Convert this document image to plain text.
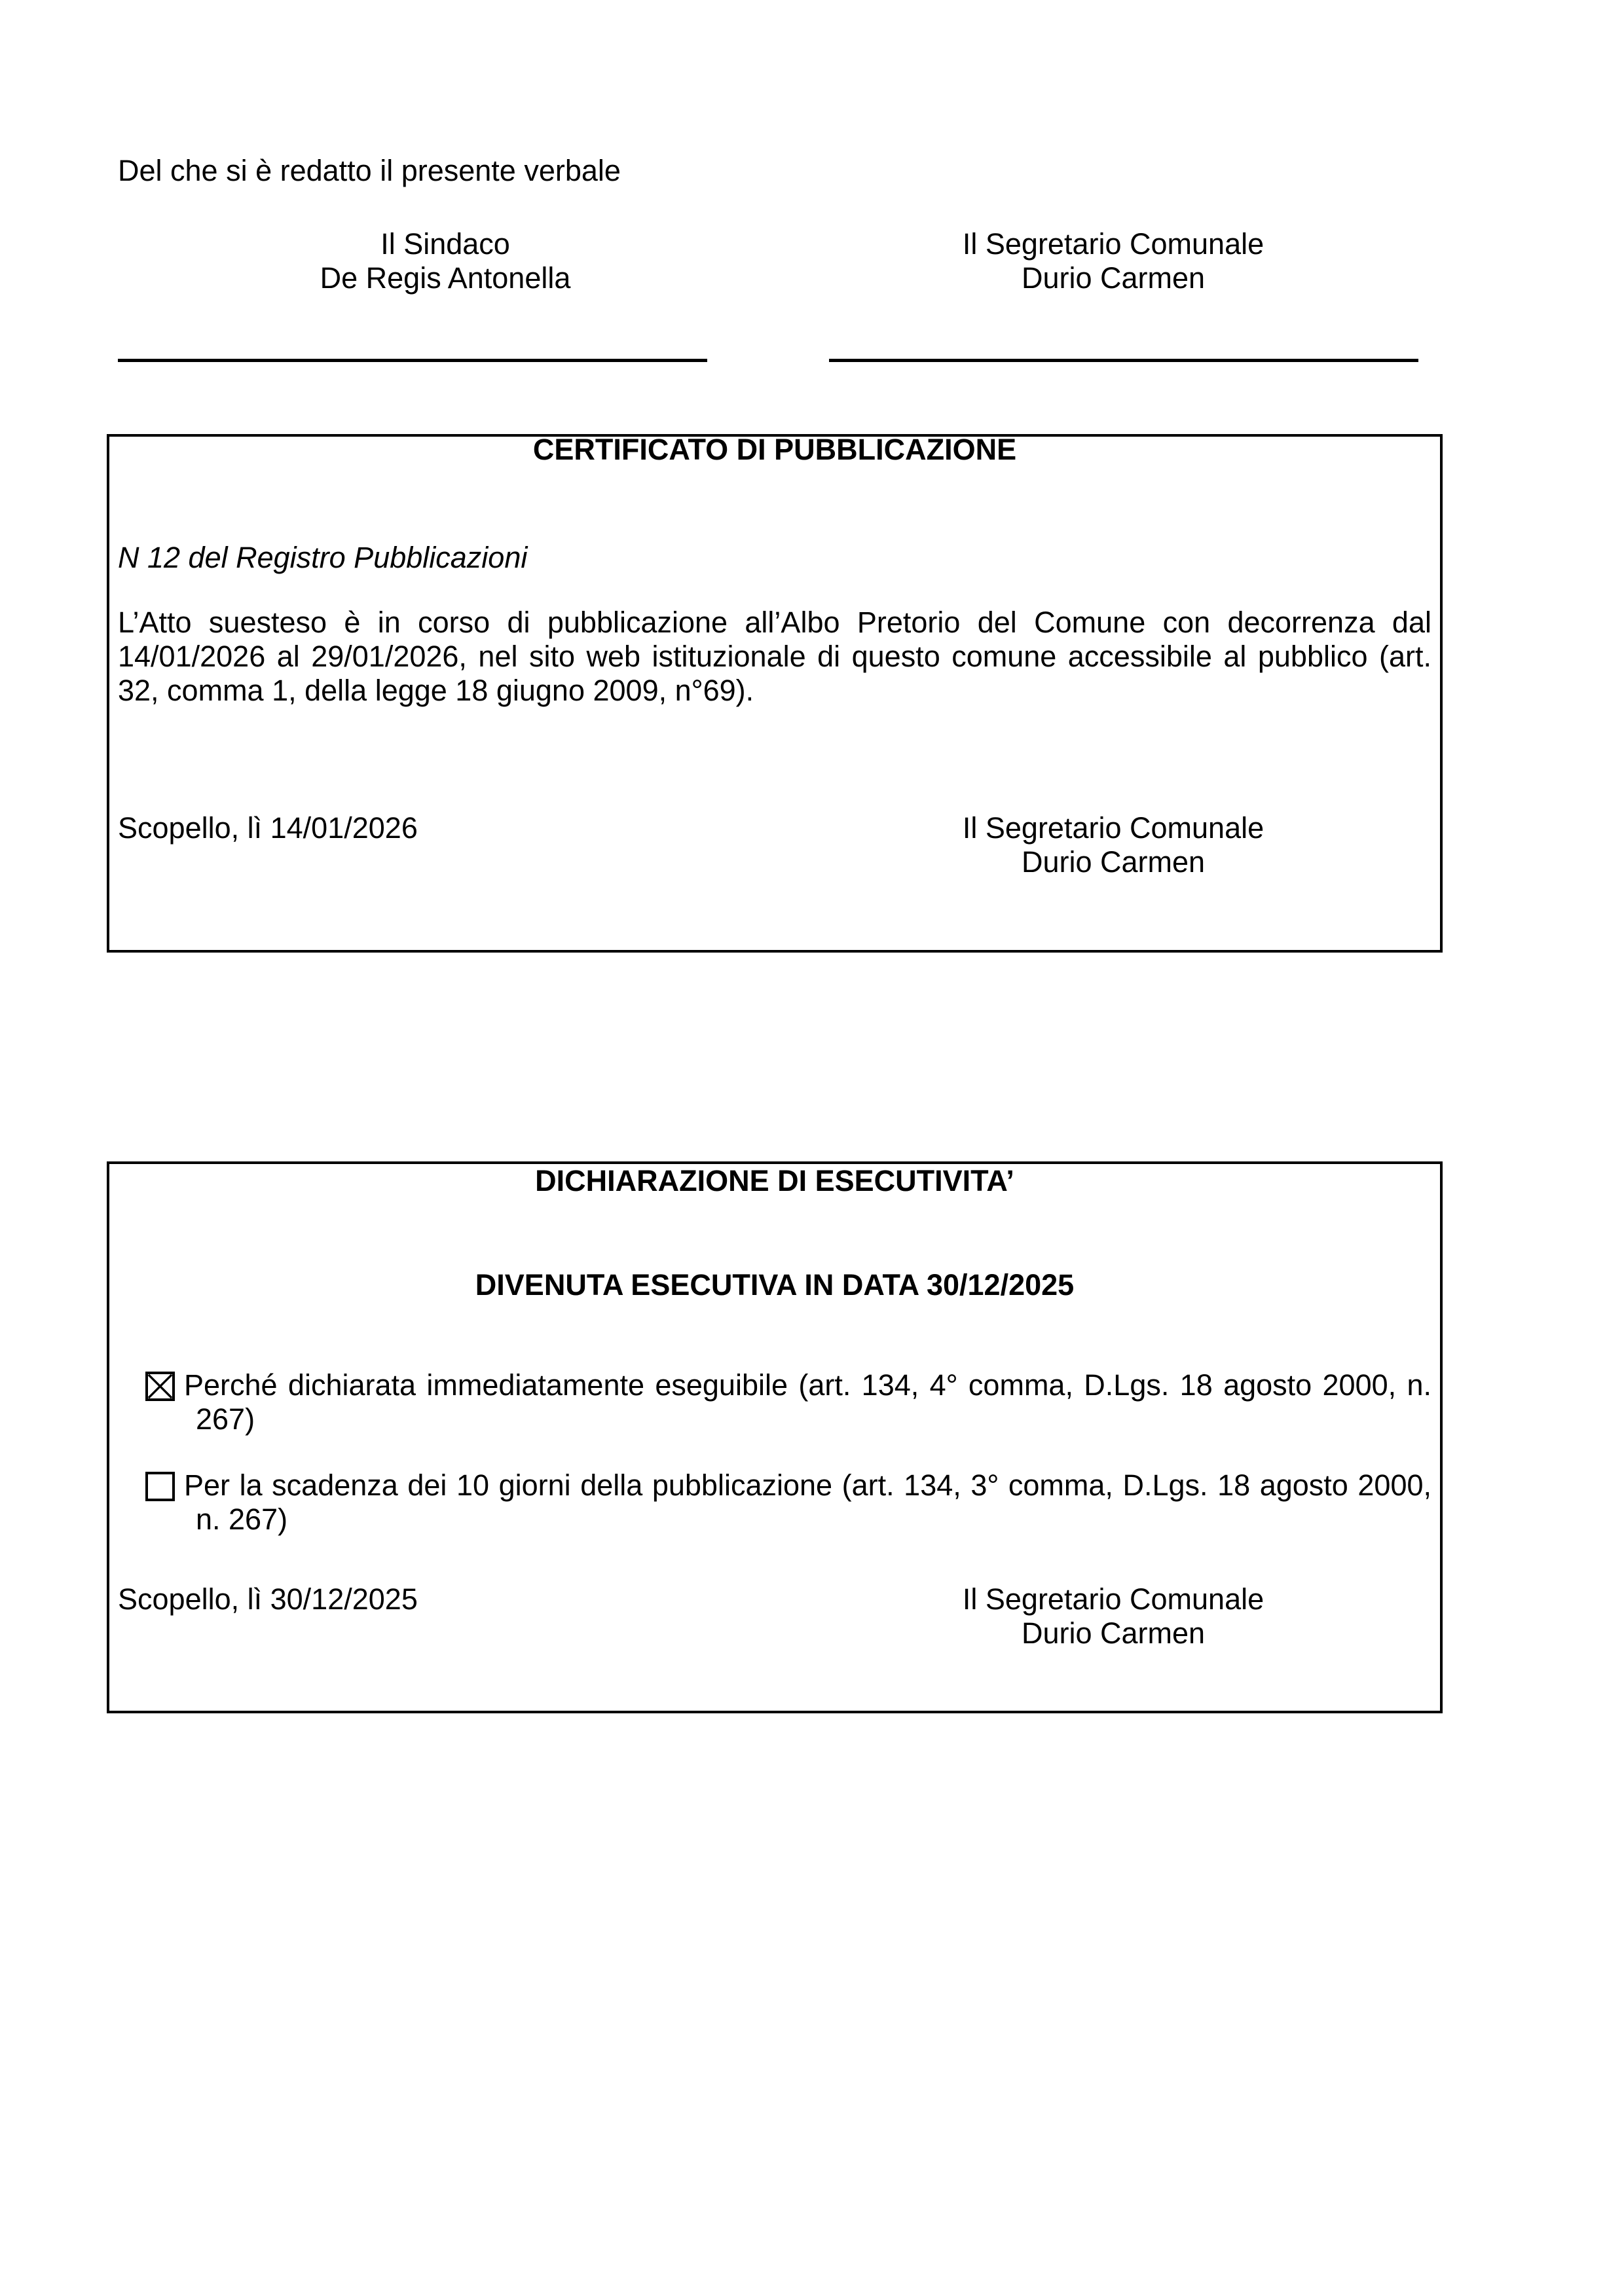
Del che si è redatto il presente verbale
Il Sindaco
De Regis Antonella
Il Segretario Comunale
Durio Carmen
CERTIFICATO DI PUBBLICAZIONE
N 12 del Registro Pubblicazioni
L’Atto suesteso è in corso di pubblicazione all’Albo Pretorio del Comune con decorrenza dal 14/01/2026 al 29/01/2026, nel sito web istituzionale di questo comune accessibile al pubblico (art. 32, comma 1, della legge 18 giugno 2009, n°69).
Scopello, lì 14/01/2026	Il Segretario Comunale
Durio Carmen
DICHIARAZIONE DI ESECUTIVITA’
DIVENUTA ESECUTIVA IN DATA 30/12/2025
Perché dichiarata immediatamente eseguibile (art. 134, 4° comma, D.Lgs. 18 agosto 2000, n. 267)
Per la scadenza dei 10 giorni della pubblicazione (art. 134, 3° comma, D.Lgs. 18 agosto 2000, n. 267)
Scopello, lì 30/12/2025	Il Segretario Comunale
Durio Carmen
